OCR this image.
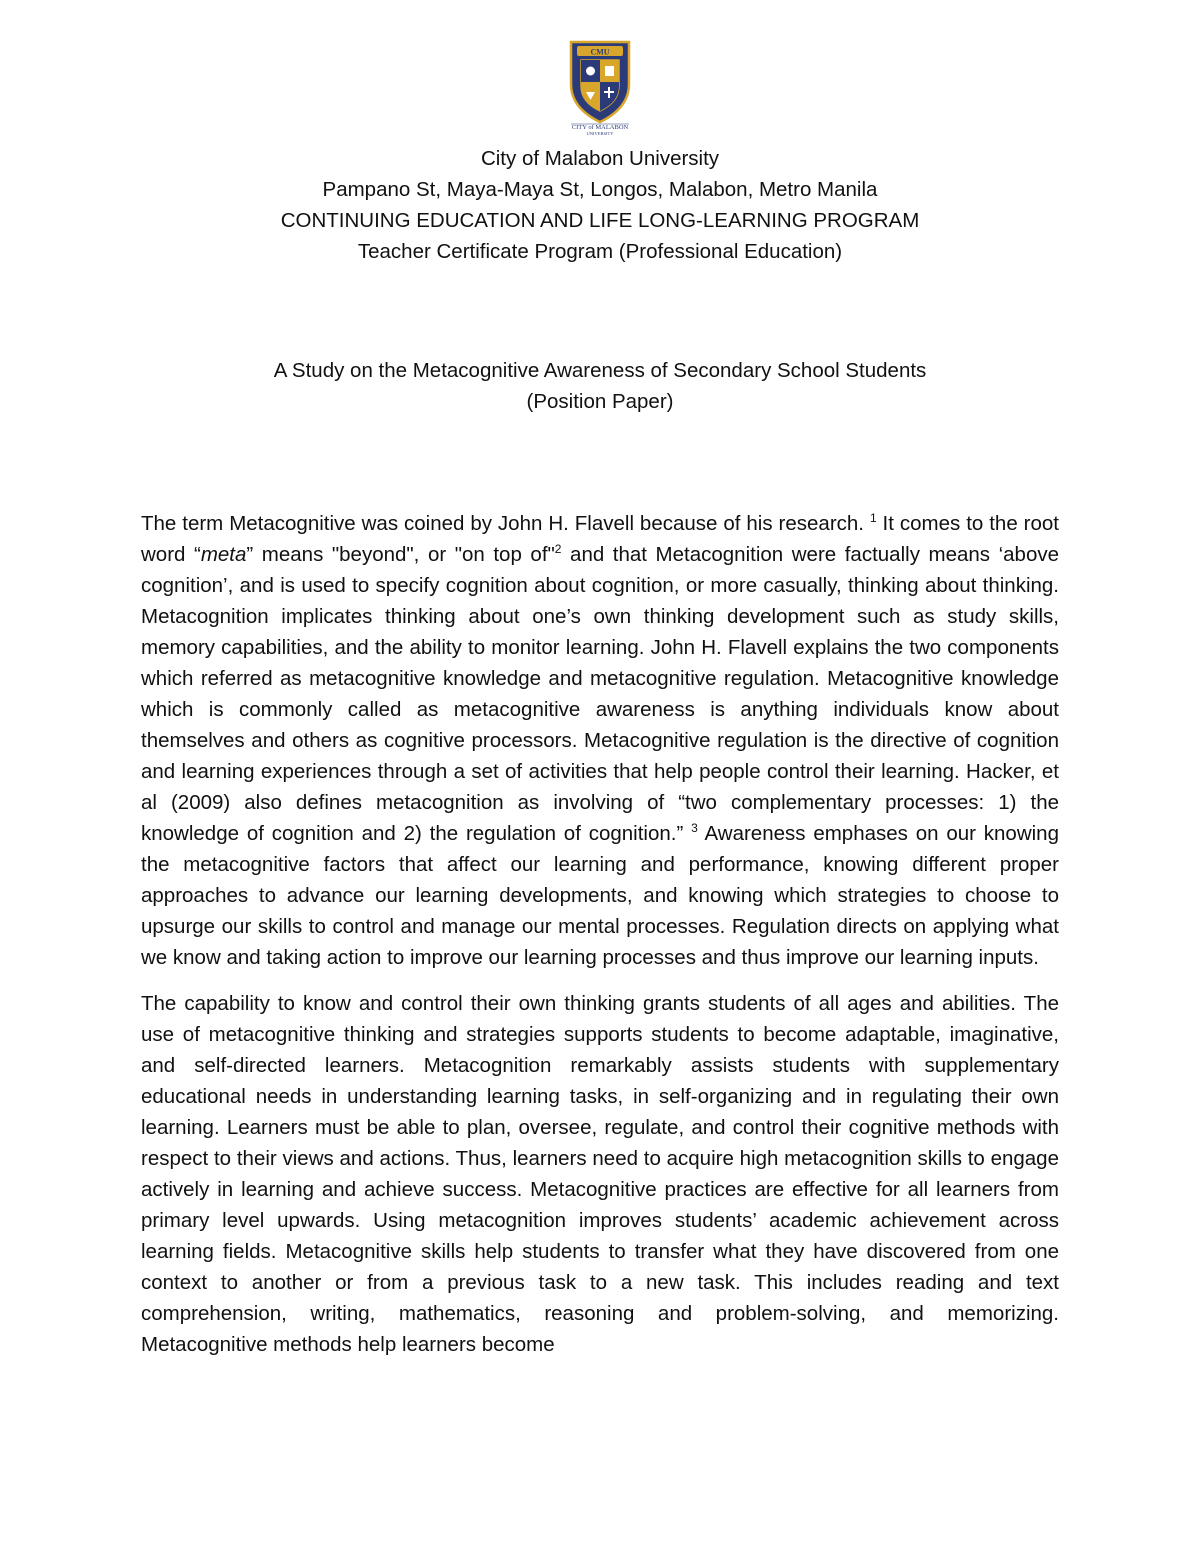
CMU
CITY of MALABON
UNIVERSITY
City of Malabon University
Pampano St, Maya-Maya St, Longos, Malabon, Metro Manila
CONTINUING EDUCATION AND LIFE LONG-LEARNING PROGRAM
Teacher Certificate Program (Professional Education)
A Study on the Metacognitive Awareness of Secondary School Students
(Position Paper)

The term Metacognitive was coined by John H. Flavell because of his research. $^1$ It comes to the root word “meta” means "beyond", or "on top of"$^2$ and that Metacognition were factually means ‘above cognition’, and is used to specify cognition about cognition, or more casually, thinking about thinking. Metacognition implicates thinking about one’s own thinking development such as study skills, memory capabilities, and the ability to monitor learning. John H. Flavell explains the two components which referred as metacognitive knowledge and metacognitive regulation. Metacognitive knowledge which is commonly called as metacognitive awareness is anything individuals know about themselves and others as cognitive processors. Metacognitive regulation is the directive of cognition and learning experiences through a set of activities that help people control their learning. Hacker, et al (2009) also defines metacognition as involving of “two complementary processes: 1) the knowledge of cognition and 2) the regulation of cognition.” $^3$ Awareness emphases on our knowing the metacognitive factors that affect our learning and performance, knowing different proper approaches to advance our learning developments, and knowing which strategies to choose to upsurge our skills to control and manage our mental processes. Regulation directs on applying what we know and taking action to improve our learning processes and thus improve our learning inputs.

The capability to know and control their own thinking grants students of all ages and abilities. The use of metacognitive thinking and strategies supports students to become adaptable, imaginative, and self-directed learners. Metacognition remarkably assists students with supplementary educational needs in understanding learning tasks, in self-organizing and in regulating their own learning. Learners must be able to plan, oversee, regulate, and control their cognitive methods with respect to their views and actions. Thus, learners need to acquire high metacognition skills to engage actively in learning and achieve success. Metacognitive practices are effective for all learners from primary level upwards. Using metacognition improves students’ academic achievement across learning fields. Metacognitive skills help students to transfer what they have discovered from one context to another or from a previous task to a new task. This includes reading and text comprehension, writing, mathematics, reasoning and problem-solving, and memorizing. Metacognitive methods help learners become
